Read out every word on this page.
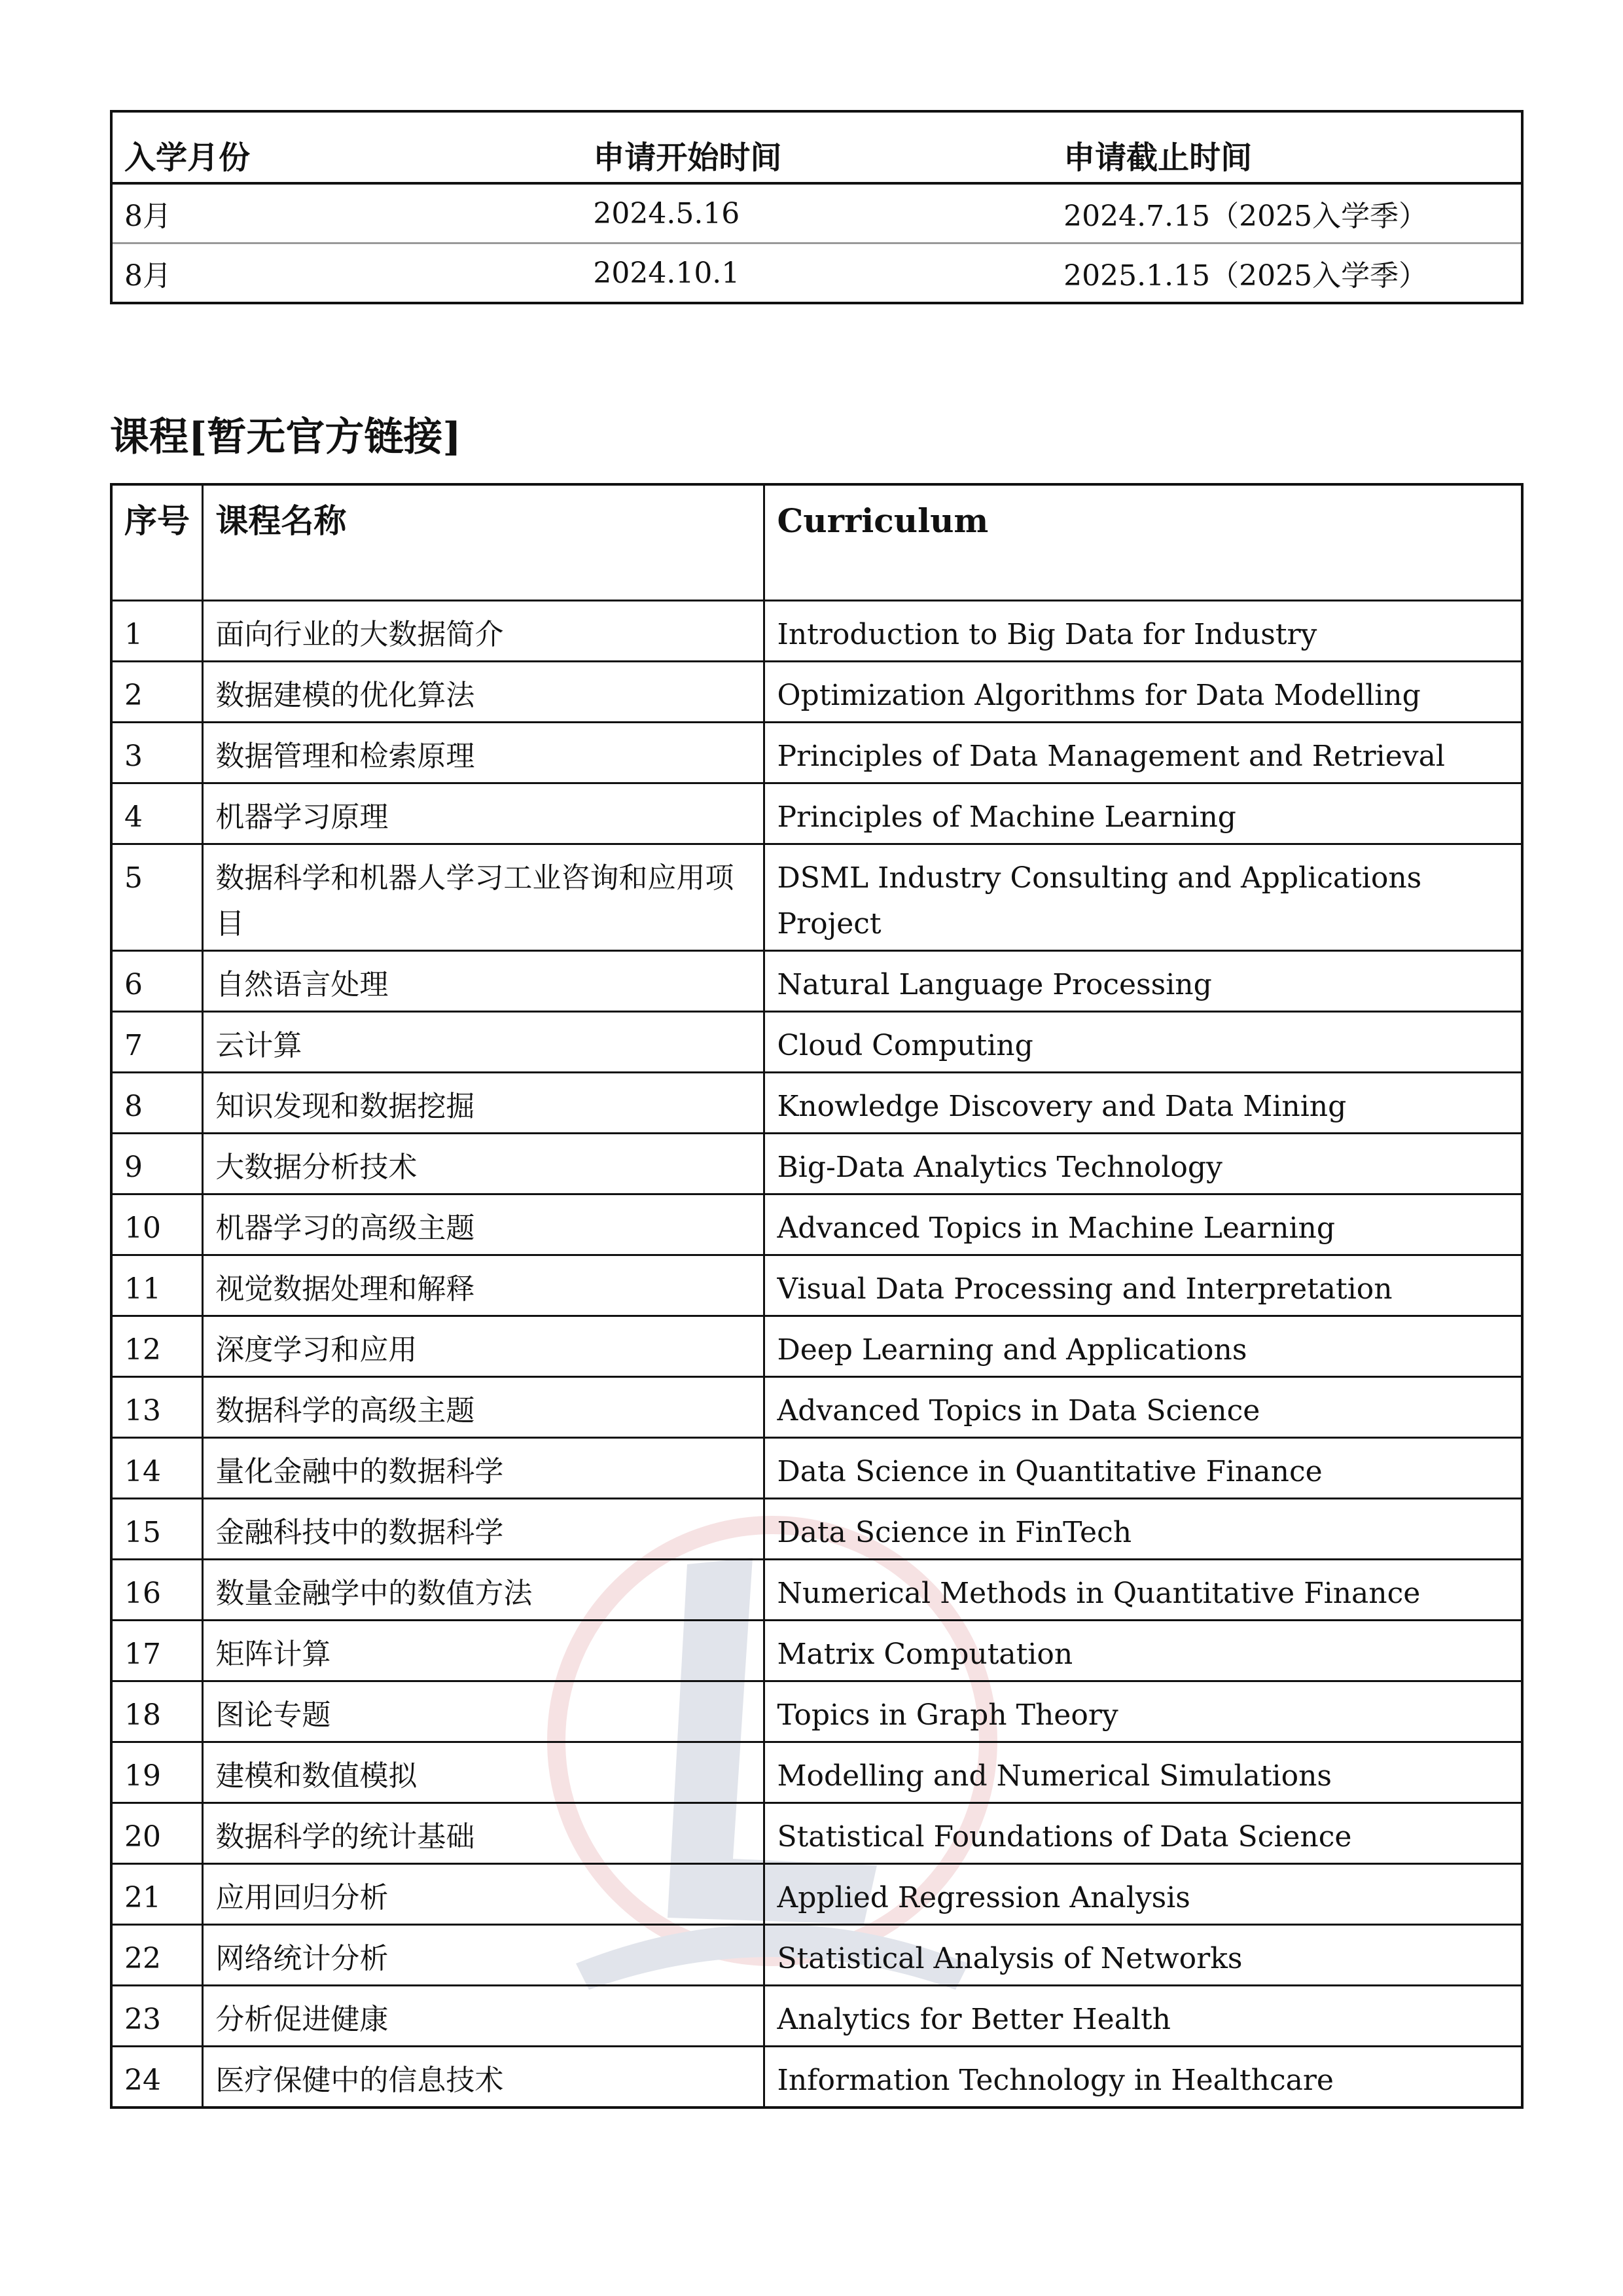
入学月份	申请开始时间	申请截止时间
8月	2024.5.16	2024.7.15（2025入学季）
8月	2024.10.1	2025.1.15（2025入学季）
课程[暂无官方链接]
序号	课程名称	Curriculum
1	面向行业的大数据简介	Introduction to Big Data for Industry
2	数据建模的优化算法	Optimization Algorithms for Data Modelling
3	数据管理和检索原理	Principles of Data Management and Retrieval
4	机器学习原理	Principles of Machine Learning
5	数据科学和机器人学习工业咨询和应用项目	DSML Industry Consulting and Applications Project
6	自然语言处理	Natural Language Processing
7	云计算	Cloud Computing
8	知识发现和数据挖掘	Knowledge Discovery and Data Mining
9	大数据分析技术	Big-Data Analytics Technology
10	机器学习的高级主题	Advanced Topics in Machine Learning
11	视觉数据处理和解释	Visual Data Processing and Interpretation
12	深度学习和应用	Deep Learning and Applications
13	数据科学的高级主题	Advanced Topics in Data Science
14	量化金融中的数据科学	Data Science in Quantitative Finance
15	金融科技中的数据科学	Data Science in FinTech
16	数量金融学中的数值方法	Numerical Methods in Quantitative Finance
17	矩阵计算	Matrix Computation
18	图论专题	Topics in Graph Theory
19	建模和数值模拟	Modelling and Numerical Simulations
20	数据科学的统计基础	Statistical Foundations of Data Science
21	应用回归分析	Applied Regression Analysis
22	网络统计分析	Statistical Analysis of Networks
23	分析促进健康	Analytics for Better Health
24	医疗保健中的信息技术	Information Technology in Healthcare
